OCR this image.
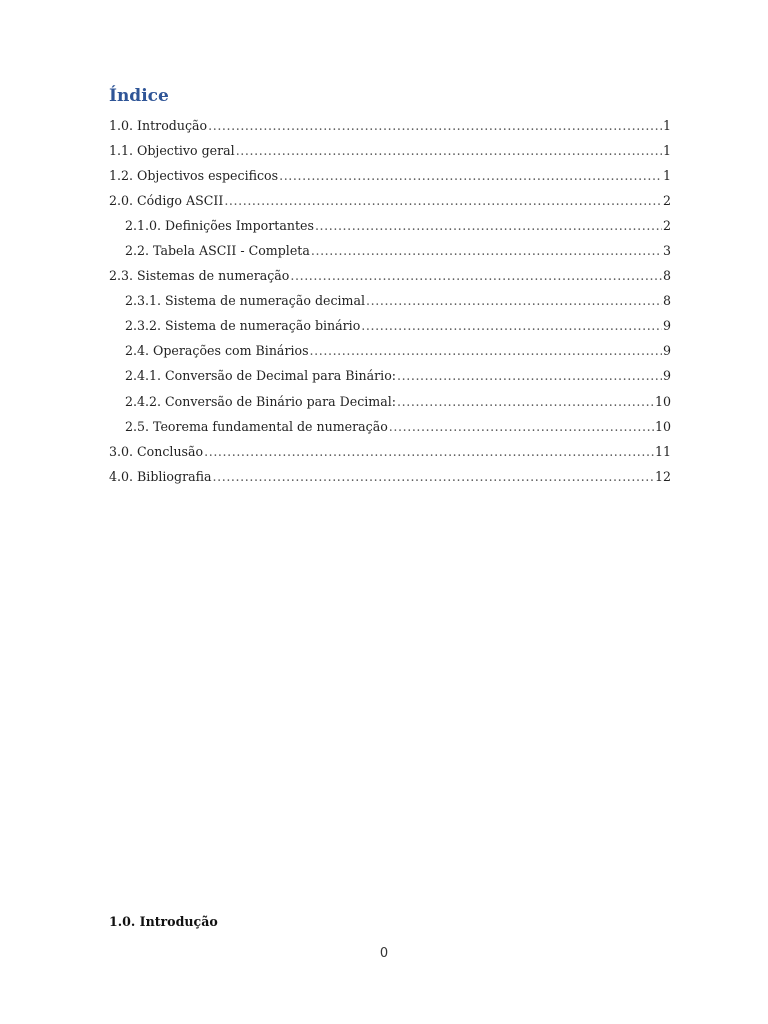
Índice
1.0. Introdução .....	1
1.1. Objectivo geral .....	1
1.2. Objectivos especificos .....	1
2.0. Código ASCII .....	2
2.1.0. Definições Importantes .....	2
2.2. Tabela ASCII - Completa .....	3
2.3. Sistemas de numeração .....	8
2.3.1. Sistema de numeração decimal .....	8
2.3.2. Sistema de numeração binário .....	9
2.4. Operações com Binários .....	9
2.4.1. Conversão de Decimal para Binário: .....	9
2.4.2. Conversão de Binário para Decimal: .....	10
2.5. Teorema fundamental de numeração .....	10
3.0. Conclusão .....	11
4.0. Bibliografia .....	12
1.0. Introdução
0
